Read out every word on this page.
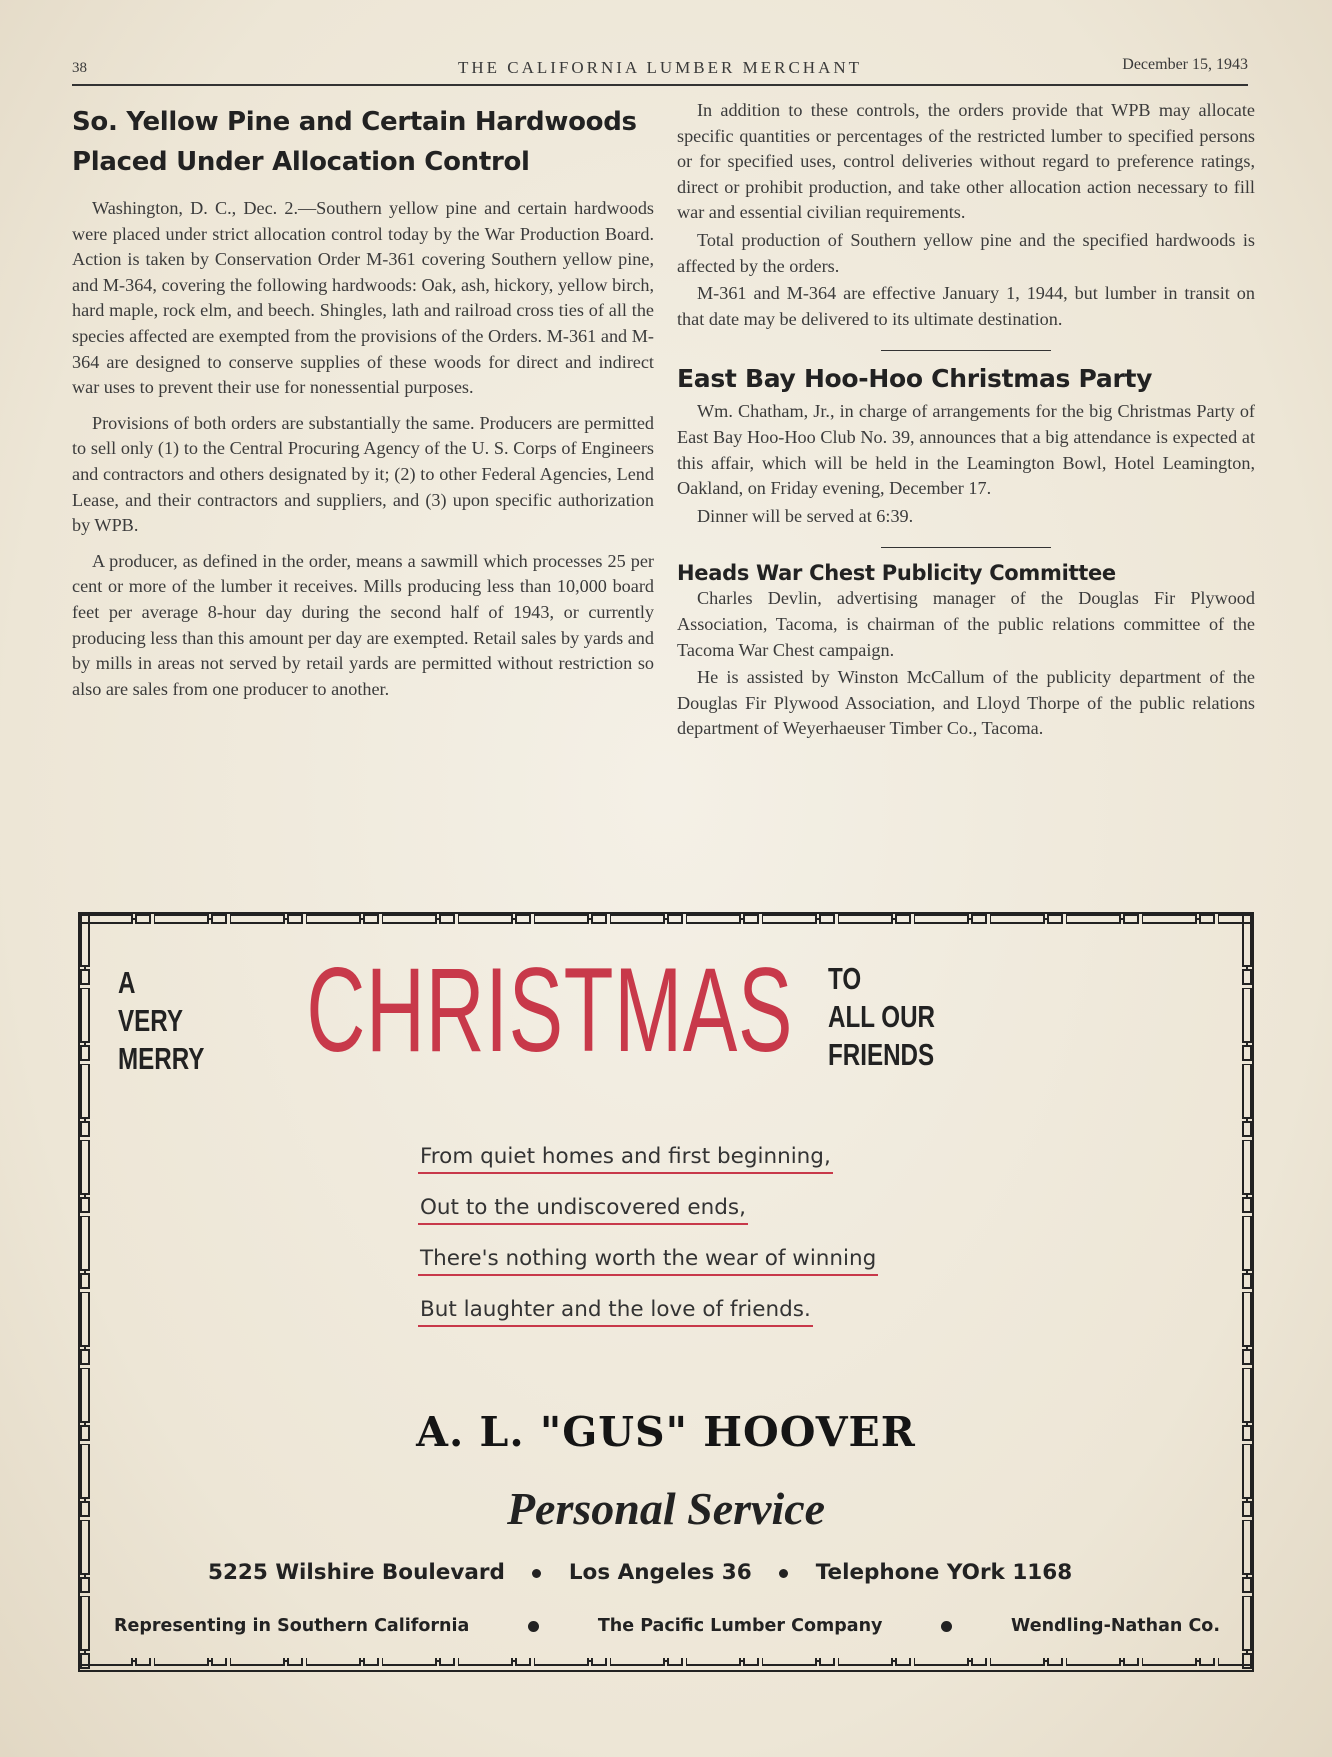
38	THE CALIFORNIA LUMBER MERCHANT	December 15, 1943
So. Yellow Pine and Certain Hardwoods
Placed Under Allocation Control

Washington, D. C., Dec. 2.—Southern yellow pine and certain hardwoods were placed under strict allocation control today by the War Production Board. Action is taken by Conservation Order M-361 covering Southern yellow pine, and M-364, covering the following hardwoods: Oak, ash, hickory, yellow birch, hard maple, rock elm, and beech. Shingles, lath and railroad cross ties of all the species affected are exempted from the provisions of the Orders. M-361 and M-364 are designed to conserve supplies of these woods for direct and indirect war uses to prevent their use for nonessential purposes.

Provisions of both orders are substantially the same. Producers are permitted to sell only (1) to the Central Procuring Agency of the U. S. Corps of Engineers and contractors and others designated by it; (2) to other Federal Agencies, Lend Lease, and their contractors and suppliers, and (3) upon specific authorization by WPB.

A producer, as defined in the order, means a sawmill which processes 25 per cent or more of the lumber it receives. Mills producing less than 10,000 board feet per average 8-hour day during the second half of 1943, or currently producing less than this amount per day are exempted. Retail sales by yards and by mills in areas not served by retail yards are permitted without restriction so also are sales from one producer to another.

In addition to these controls, the orders provide that WPB may allocate specific quantities or percentages of the restricted lumber to specified persons or for specified uses, control deliveries without regard to preference ratings, direct or prohibit production, and take other allocation action necessary to fill war and essential civilian requirements.

Total production of Southern yellow pine and the specified hardwoods is affected by the orders.

M-361 and M-364 are effective January 1, 1944, but lumber in transit on that date may be delivered to its ultimate destination.

East Bay Hoo-Hoo Christmas Party

Wm. Chatham, Jr., in charge of arrangements for the big Christmas Party of East Bay Hoo-Hoo Club No. 39, announces that a big attendance is expected at this affair, which will be held in the Leamington Bowl, Hotel Leamington, Oakland, on Friday evening, December 17.

Dinner will be served at 6:39.

Heads War Chest Publicity Committee

Charles Devlin, advertising manager of the Douglas Fir Plywood Association, Tacoma, is chairman of the public relations committee of the Tacoma War Chest campaign.

He is assisted by Winston McCallum of the publicity department of the Douglas Fir Plywood Association, and Lloyd Thorpe of the public relations department of Weyerhaeuser Timber Co., Tacoma.

A
VERY
MERRY CHRISTMAS TO
ALL OUR
FRIENDS
From quiet homes and first beginning,
Out to the undiscovered ends,
There's nothing worth the wear of winning
But laughter and the love of friends.
A. L. "GUS" HOOVER
Personal Service
5225 Wilshire Boulevard	Los Angeles 36	Telephone YOrk 1168
Representing in Southern California	The Pacific Lumber Company	Wendling-Nathan Co.
